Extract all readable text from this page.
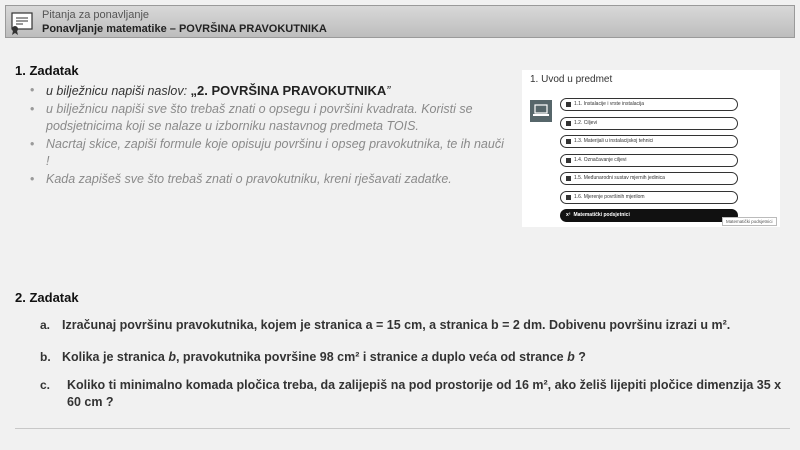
Pitanja za ponavljanje
Ponavljanje matematike – POVRŠINA PRAVOKUTNIKA
1. Zadatak
• u bilježnicu napiši naslov: „2. POVRŠINA PRAVOKUTNIKA”
• u bilježnicu napiši sve što trebaš znati o opsegu i površini kvadrata. Koristi se podsjetnicima koji se nalaze u izborniku nastavnog predmeta TOIS.
• Nacrtaj skice, zapiši formule koje opisuju površinu i opseg pravokutnika, te ih nauči !
• Kada zapišeš sve što trebaš znati o pravokutniku, kreni rješavati zadatke.
1. Uvod u predmet
1.1. Instalacije i vrste instalacija
1.2. Ciljevi
1.3. Materijali u instalacijskoj tehnici
1.4. Označavanje ciljevi
1.5. Međunarodni sustav mjernih jedinica
1.6. Mjerenje površinih mjerilom
x² Matematički podsjetnici
Matematički podsjetnici
2. Zadatak
a. Izračunaj površinu pravokutnika, kojem je stranica a = 15 cm, a stranica b = 2 dm. Dobivenu površinu izrazi u m².
b. Kolika je stranica b, pravokutnika površine 98 cm² i stranice a duplo veća od strance b ?
c. Koliko ti minimalno komada pločica treba, da zalijepiš na pod prostorije od 16 m², ako želiš lijepiti pločice dimenzija 35 x 60 cm ?
